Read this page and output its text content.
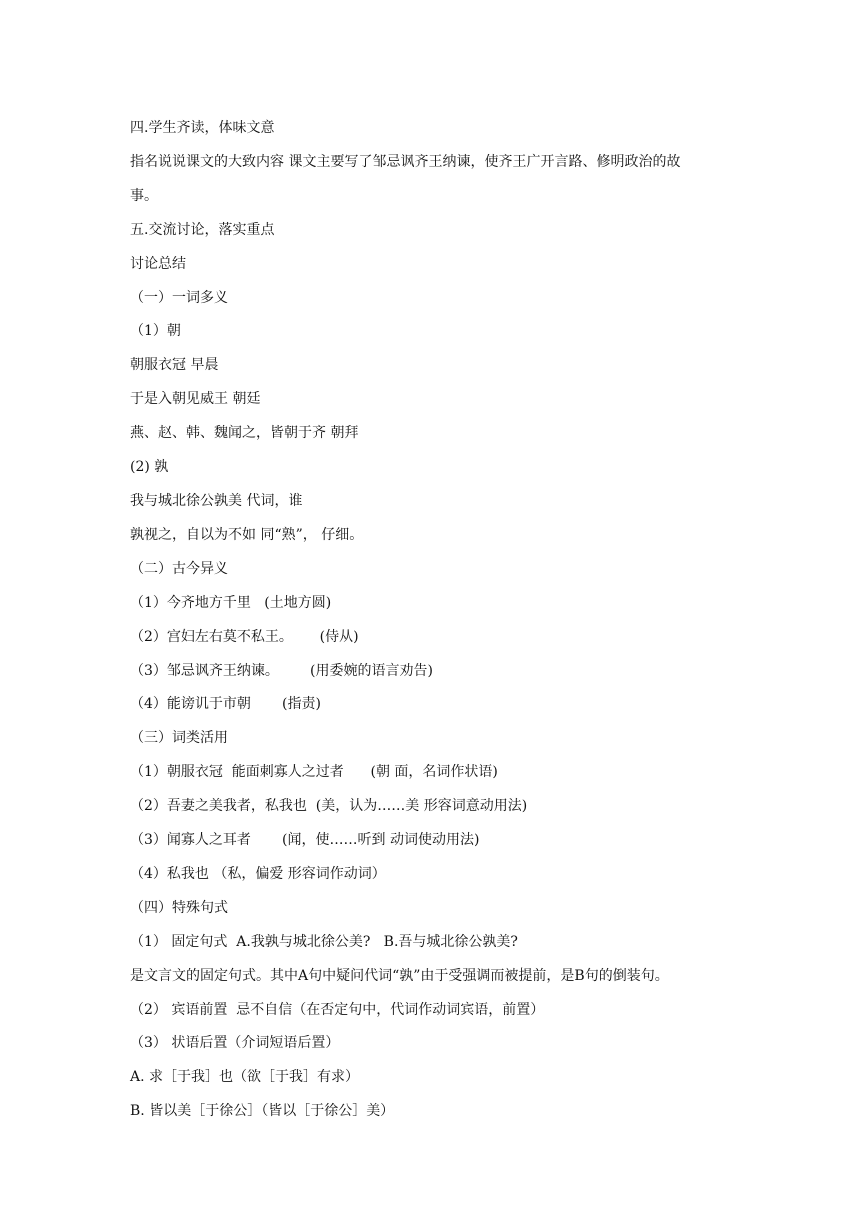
四.学生齐读，体味文意

指名说说课文的大致内容 课文主要写了邹忌讽齐王纳谏，使齐王广开言路、修明政治的故

事。

五.交流讨论，落实重点

讨论总结

（一）一词多义

（1）朝

朝服衣冠 早晨

于是入朝见威王 朝廷

燕、赵、韩、魏闻之，皆朝于齐 朝拜

(2) 孰

我与城北徐公孰美 代词，谁

孰视之，自以为不如 同“熟”， 仔细。

（二）古今异义

（1）今齐地方千里   (土地方圆)

（2）宫妇左右莫不私王。      (侍从)

（3）邹忌讽齐王纳谏。       (用委婉的语言劝告)

（4）能谤讥于市朝       (指责)

（三）词类活用

（1）朝服衣冠  能面刺寡人之过者      (朝 面，名词作状语)

（2）吾妻之美我者，私我也  (美，认为……美 形容词意动用法)

（3）闻寡人之耳者       (闻，使……听到 动词使动用法)

（4）私我也 （私，偏爱 形容词作动词）

（四）特殊句式

（1） 固定句式  A.我孰与城北徐公美?   B.吾与城北徐公孰美?

是文言文的固定句式。其中A句中疑问代词“孰”由于受强调而被提前，是B句的倒装句。

（2） 宾语前置  忌不自信（在否定句中，代词作动词宾语，前置）

（3） 状语后置（介词短语后置）

A. 求［于我］也（欲［于我］有求）

B. 皆以美［于徐公］（皆以［于徐公］美）
